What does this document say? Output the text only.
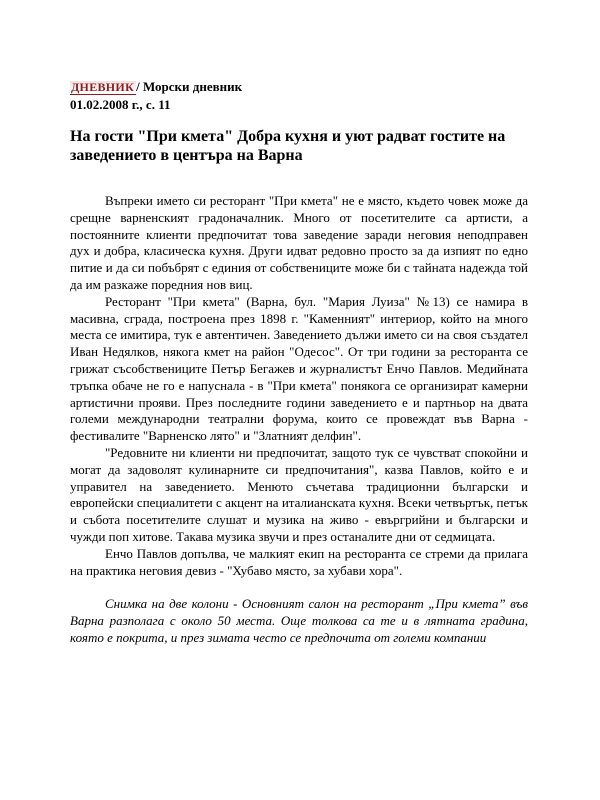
ДНЕВНИК / Морски дневник
01.02.2008 г., с. 11
На гости "При кмета" Добра кухня и уют радват гостите на заведението в центъра на Варна

Въпреки името си ресторант "При кмета" не е място, където човек може да срещне варненският градоначалник. Много от посетителите са артисти, а постоянните клиенти предпочитат това заведение заради неговия неподправен дух и добра, класическа кухня. Други идват редовно просто за да изпият по едно питие и да си побъбрят с единия от собствениците може би с тайната надежда той да им разкаже поредния нов виц.

Ресторант "При кмета" (Варна, бул. "Мария Луиза" №13) се намира в масивна, сграда, построена през 1898 г. "Каменният" интериор, който на много места се имитира, тук е автентичен. Заведението дължи името си на своя създател Иван Недялков, някога кмет на район "Одесос". От три години за ресторанта се грижат съсобствениците Петър Бегажев и журналистът Енчо Павлов. Медийната тръпка обаче не го е напуснала - в "При кмета" понякога се организират камерни артистични прояви. През последните години заведението е и партньор на двата големи международни театрални форума, които се провеждат във Варна - фестивалите "Варненско лято" и "Златният делфин".

"Редовните ни клиенти ни предпочитат, защото тук се чувстват спокойни и могат да задоволят кулинарните си предпочитания", казва Павлов, който е и управител на заведението. Менюто съчетава традиционни български и европейски специалитети с акцент на италианската кухня. Всеки четвъртък, петък и събота посетителите слушат и музика на живо - евъргрийни и български и чужди поп хитове. Такава музика звучи и през останалите дни от седмицата.

Енчо Павлов допълва, че малкият екип на ресторанта се стреми да прилага на практика неговия девиз - "Хубаво място, за хубави хора".

Снимка на две колони - Основният салон на ресторант „При кмета” във Варна разполага с около 50 места. Още толкова са те и в лятната градина, която е покрита, и през зимата често се предпочита от големи компании
